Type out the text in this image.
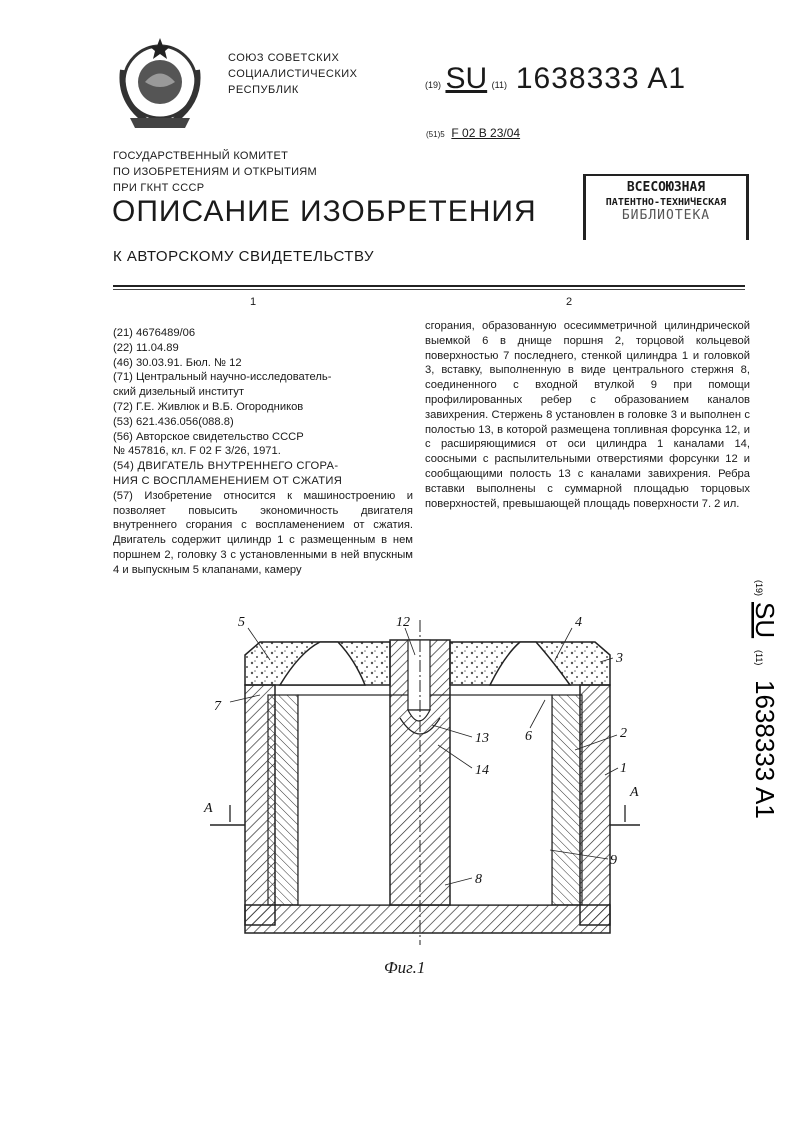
СОЮЗ СОВЕТСКИХ
СОЦИАЛИСТИЧЕСКИХ
РЕСПУБЛИК	(19) SU (11) 1638333 A1
(51)5 F 02 B 23/04
ГОСУДАРСТВЕННЫЙ КОМИТЕТ
ПО ИЗОБРЕТЕНИЯМ И ОТКРЫТИЯМ
ПРИ ГКНТ СССР	ВСЕСОЮЗНАЯ
ПАТЕНТНО-ТЕХНИЧЕСКАЯ
БИБЛИОТЕКА
ОПИСАНИЕ ИЗОБРЕТЕНИЯ
К АВТОРСКОМУ СВИДЕТЕЛЬСТВУ
1	2
(21) 4676489/06
(22) 11.04.89
(46) 30.03.91. Бюл. № 12
(71) Центральный научно-исследователь-
ский дизельный институт
(72) Г.Е. Живлюк и В.Б. Огородников
(53) 621.436.056(088.8)
(56) Авторское свидетельство СССР
№ 457816, кл. F 02 F 3/26, 1971.
(54) ДВИГАТЕЛЬ ВНУТРЕННЕГО СГОРА-
НИЯ С ВОСПЛАМЕНЕНИЕМ ОТ СЖАТИЯ
(57) Изобретение относится к машиностроению и позволяет повысить экономичность двигателя внутреннего сгорания с воспламенением от сжатия. Двигатель содержит цилиндр 1 с размещенным в нем поршнем 2, головку 3 с установленными в ней впускным 4 и выпускным 5 клапанами, камеру
сгорания, образованную осесимметричной цилиндрической выемкой 6 в днище поршня 2, торцовой кольцевой поверхностью 7 последнего, стенкой цилиндра 1 и головкой 3, вставку, выполненную в виде центрального стержня 8, соединенного с входной втулкой 9 при помощи профилированных ребер с образованием каналов завихрения. Стержень 8 установлен в головке 3 и выполнен с полостью 13, в которой размещена топливная форсунка 12, и с расширяющимися от оси цилиндра 1 каналами 14, соосными с распылительными отверстиями форсунки 12 и сообщающими полость 13 с каналами завихрения. Ребра вставки выполнены с суммарной площадью торцовых поверхностей, превышающей площадь поверхности 7. 2 ил.
(19)
SU
(11)
1638333 A1
5	12	4
3
7
6
13	2
14	1
A
A
9
8
Фиг.1
